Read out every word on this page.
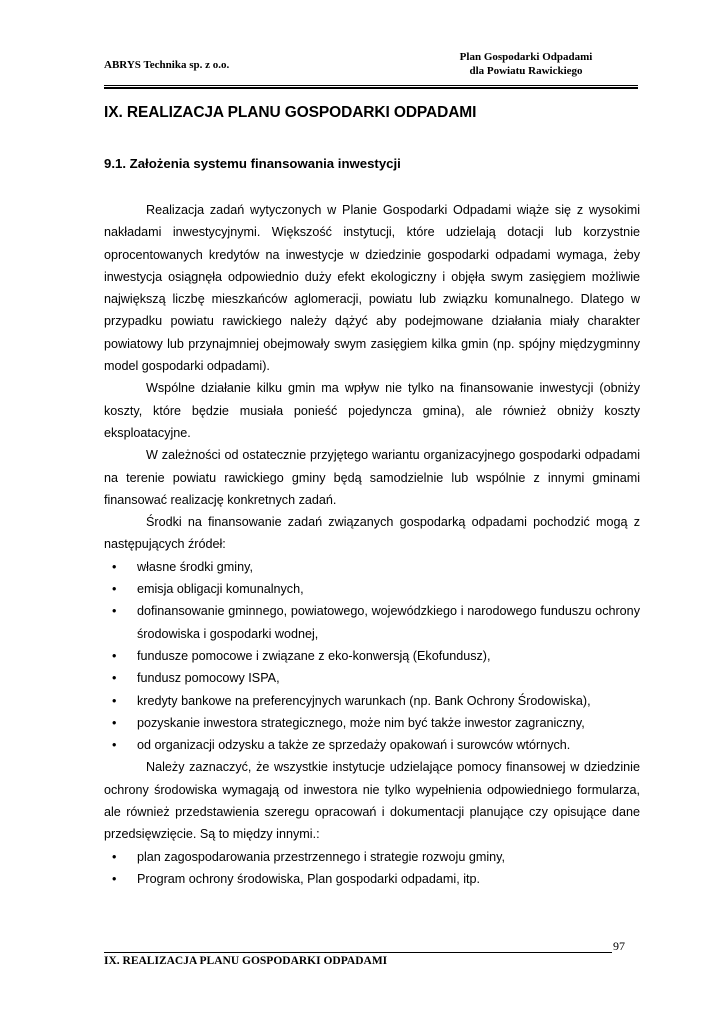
ABRYS Technika sp. z o.o.
Plan Gospodarki Odpadami
dla Powiatu Rawickiego
IX. REALIZACJA PLANU GOSPODARKI ODPADAMI
9.1. Założenia systemu finansowania inwestycji

Realizacja zadań wytyczonych w Planie Gospodarki Odpadami wiąże się z wysokimi nakładami inwestycyjnymi. Większość instytucji, które udzielają dotacji lub korzystnie oprocentowanych kredytów na inwestycje w dziedzinie gospodarki odpadami wymaga, żeby inwestycja osiągnęła odpowiednio duży efekt ekologiczny i objęła swym zasięgiem możliwie największą liczbę mieszkańców aglomeracji, powiatu lub związku komunalnego. Dlatego w przypadku powiatu rawickiego należy dążyć aby podejmowane działania miały charakter powiatowy lub przynajmniej obejmowały swym zasięgiem kilka gmin (np. spójny międzygminny model gospodarki odpadami).

Wspólne działanie kilku gmin ma wpływ nie tylko na finansowanie inwestycji (obniży koszty, które będzie musiała ponieść pojedyncza gmina), ale również obniży koszty eksploatacyjne.

W zależności od ostatecznie przyjętego wariantu organizacyjnego gospodarki odpadami na terenie powiatu rawickiego gminy będą samodzielnie lub wspólnie z innymi gminami finansować realizację konkretnych zadań.

Środki na finansowanie zadań związanych gospodarką odpadami pochodzić mogą z następujących źródeł:

• własne środki gminy,
• emisja obligacji komunalnych,
• dofinansowanie gminnego, powiatowego, wojewódzkiego i narodowego funduszu ochrony środowiska i gospodarki wodnej,
• fundusze pomocowe i związane z eko-konwersją (Ekofundusz),
• fundusz pomocowy ISPA,
• kredyty bankowe na preferencyjnych warunkach (np. Bank Ochrony Środowiska),
• pozyskanie inwestora strategicznego, może nim być także inwestor zagraniczny,
• od organizacji odzysku a także ze sprzedaży opakowań i surowców wtórnych.

Należy zaznaczyć, że wszystkie instytucje udzielające pomocy finansowej w dziedzinie ochrony środowiska wymagają od inwestora nie tylko wypełnienia odpowiedniego formularza, ale również przedstawienia szeregu opracowań i dokumentacji planujące czy opisujące dane przedsięwzięcie. Są to między innymi.:

• plan zagospodarowania przestrzennego i strategie rozwoju gminy,
• Program ochrony środowiska, Plan gospodarki odpadami, itp.
97
IX. REALIZACJA PLANU GOSPODARKI ODPADAMI
